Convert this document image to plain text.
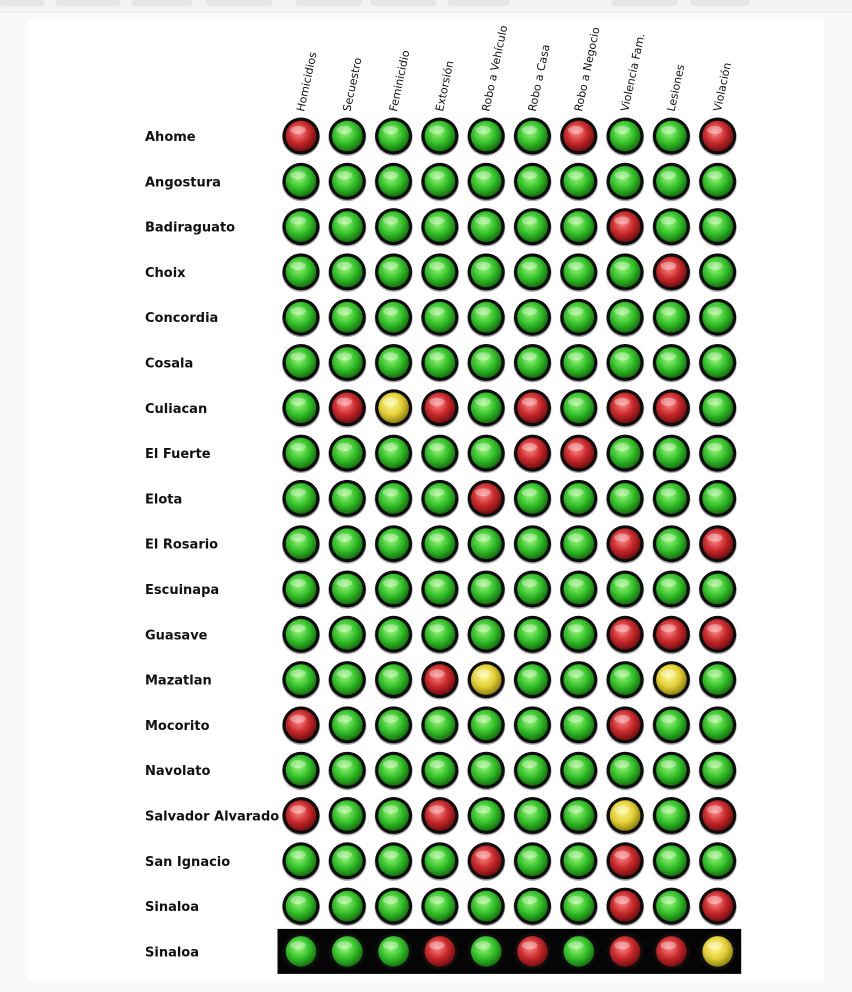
Homicidios Secuestro Feminicidio Extorsión Robo a Vehículo Robo a Casa Robo a Negocio Violencia Fam. Lesiones Violación
Ahome
Angostura
Badiraguato
Choix
Concordia
Cosala
Culiacan
El Fuerte
Elota
El Rosario
Escuinapa
Guasave
Mazatlan
Mocorito
Navolato
Salvador Alvarado
San Ignacio
Sinaloa
Sinaloa
